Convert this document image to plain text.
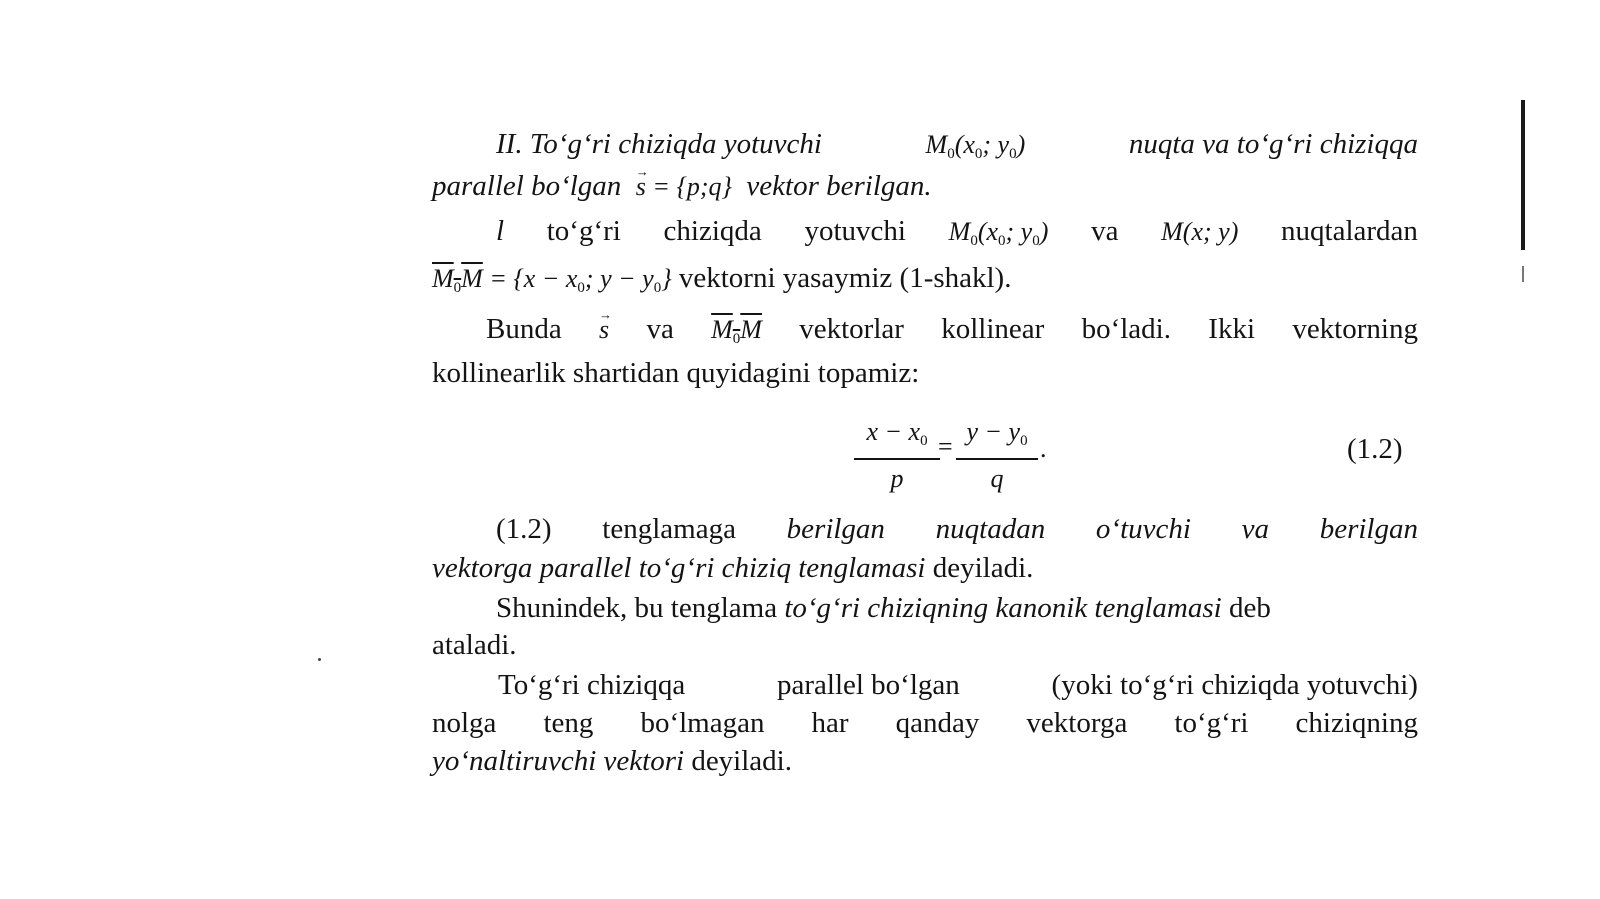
II. To‘g‘ri chiziqda yotuvchi	$M_0(x_0$; $y_0$)	nuqta va to‘g‘ri chiziqqa
parallel bo‘lgan s → = {p;q} vektor berilgan.
l to‘g‘ri chiziqda yotuvchi $M_0(x_0$; $y_0$) va M(x; y) nuqtalardan
$M_0M = \{x - x_0$; $y - y_0$} vektorni yasaymiz (1-shakl).
Bunda s → va $M_0M$ vektorlar kollinear bo‘ladi. Ikki vektorning
kollinearlik shartidan quyidagini topamiz:
$\frac{x - x_0}{p}$
= $\frac{y - y_0}{q}$ .	(1.2)
(1.2) tenglamaga berilgan nuqtadan o‘tuvchi va berilgan
vektorga parallel to‘g‘ri chiziq tenglamasi deyiladi.
Shunindek, bu tenglama to‘g‘ri chiziqning kanonik tenglamasi deb
ataladi.
To‘g‘ri chiziqqa	parallel bo‘lgan	(yoki to‘g‘ri chiziqda yotuvchi)
nolga teng bo‘lmagan har qanday vektorga to‘g‘ri chiziqning
yo‘naltiruvchi vektori deyiladi.
